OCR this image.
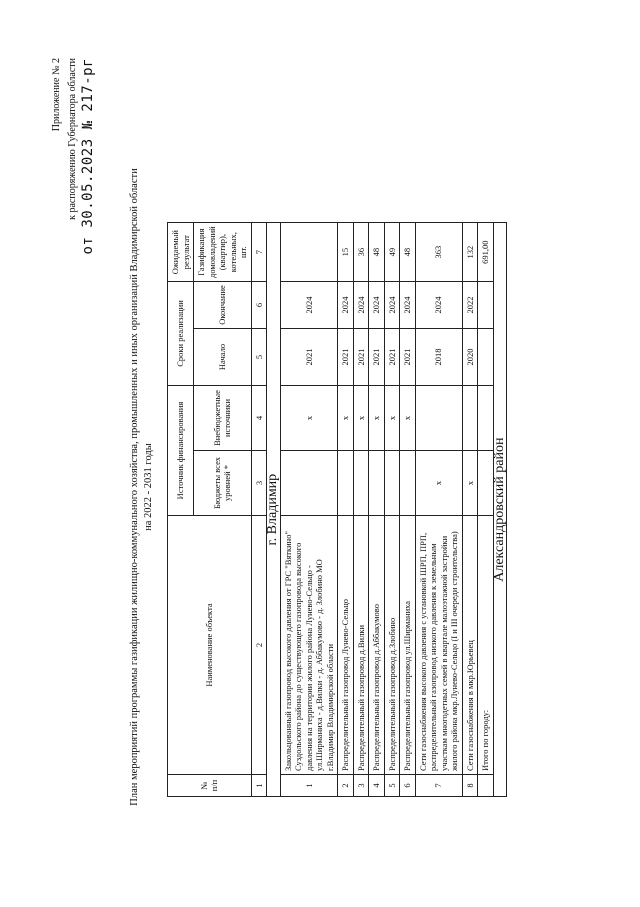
Приложение № 2 к распоряжению Губернатора области от 30.05.2023 № 217-рг
План мероприятий программы газификации жилищно-коммунального хозяйства, промышленных и иных организаций Владимирской области на 2022 - 2031 годы
№ п/п	Наименование объекта	Источник финансирования		Сроки реализации		Ожидаемый результат
		Бюджеты всех уровней *	Внебюджетные источники	Начало	Окончание	Газификация домовладений (квартир), котельных, шт.
1	2	3	4	5	6	7
г. Владимир						
1	Закольцованный газопровод высокого давления от ГРС "Вяткино" Суздольского района до существующего газопровода высокого давления на территории жилого района Лунево-Сельцо - ул.Ширманиха - д.Вилки - д. Аббакумово - д. Злобино МО г.Владимир Владимирской области		х	2021	2024	
2	Распределительный газопровод Лунево-Сельцо		х	2021	2024	15
3	Распределительный газопровод д.Вилки		х	2021	2024	36
4	Распределительный газопровод д.Аббакумово		х	2021	2024	48
5	Распределительный газопровод д.Злобино		х	2021	2024	49
6	Распределительный газопровод ул.Ширманиха		х	2021	2024	48
7	Сети газоснабжения высокого давления с установкой ШРП, ПРП, распределительный газопровод низкого давления к земельным участкам многодетных семей в квартале малоэтажной застройки жилого района мкр.Лунево-Сельцо (I и III очереди строительства)	х		2018	2024	363
8	Сети газоснабжения в мкр.Юрьевец	х		2020	2022	132
	Итого по городу:					691,00
Александровский район						
